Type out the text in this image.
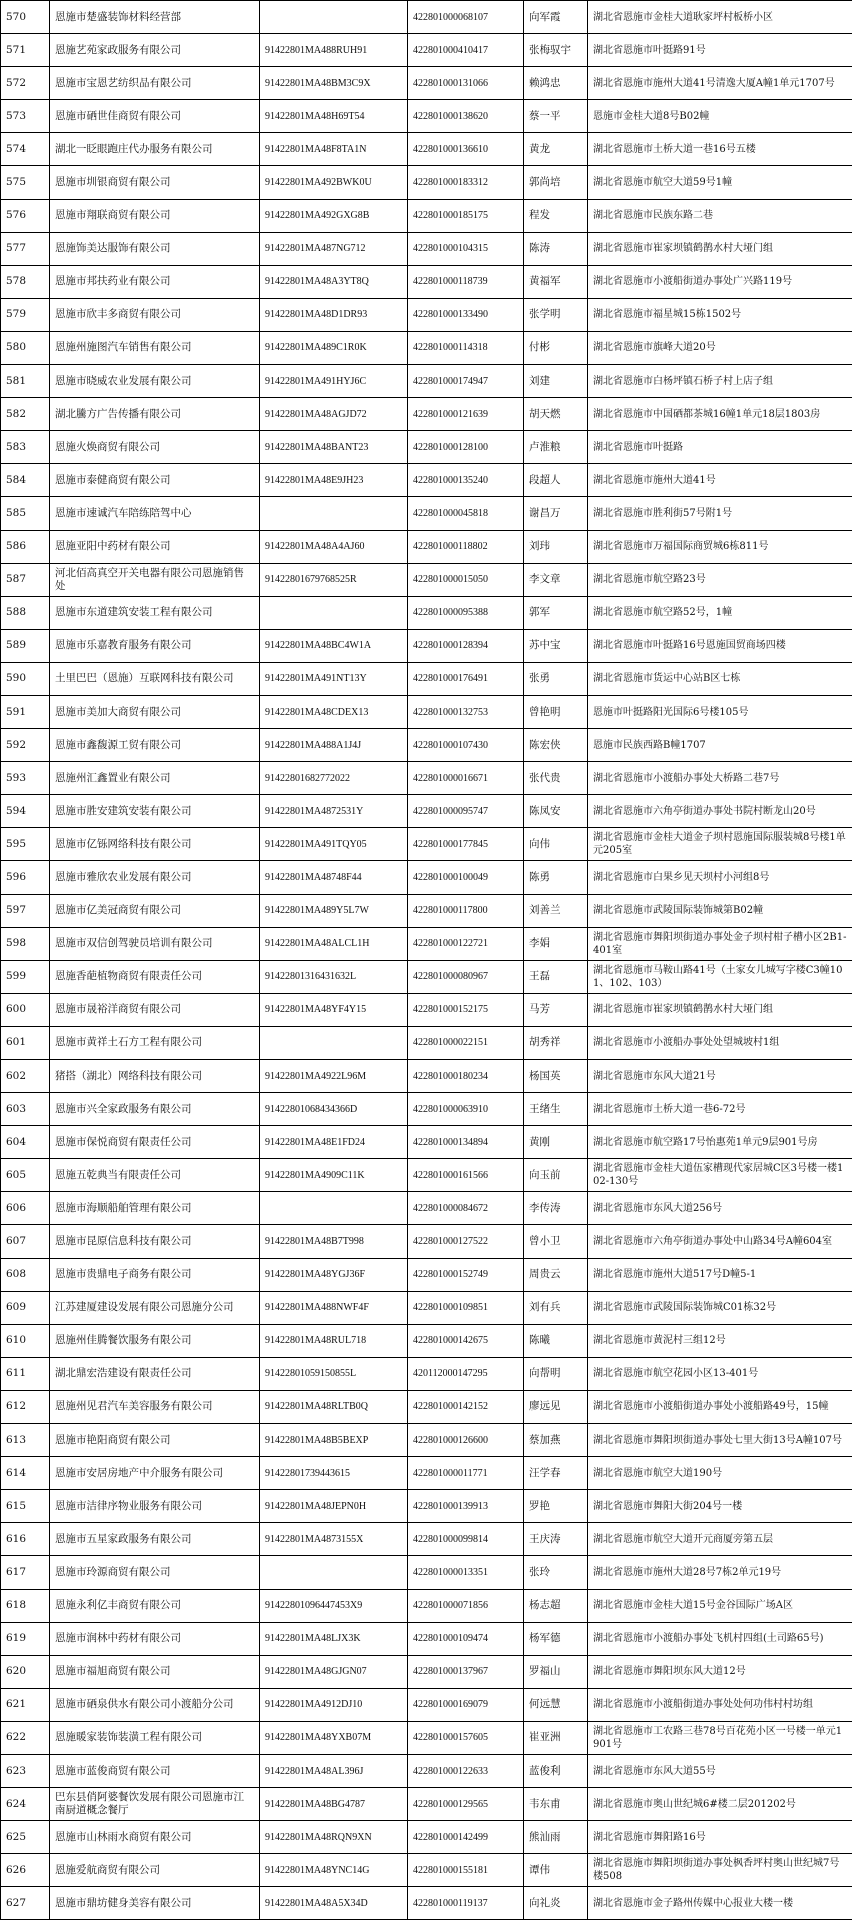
570	恩施市楚盛装饰材料经营部		422801000068107	向军霞	湖北省恩施市金桂大道耿家坪村板桥小区
571	恩施艺苑家政服务有限公司	91422801MA488RUH91	422801000410417	张梅驭宇	湖北省恩施市叶挺路91号
572	恩施市宝恩艺纺织品有限公司	91422801MA48BM3C9X	422801000131066	赖鸿忠	湖北省恩施市施州大道41号清逸大厦A幢1单元1707号
573	恩施市硒世佳商贸有限公司	91422801MA48H69T54	422801000138620	蔡一平	恩施市金桂大道8号B02幢
574	湖北一眨眼跑庄代办服务有限公司	91422801MA48F8TA1N	422801000136610	黄龙	湖北省恩施市土桥大道一巷16号五楼
575	恩施市圳银商贸有限公司	91422801MA492BWK0U	422801000183312	郭尚培	湖北省恩施市航空大道59号1幢
576	恩施市翔联商贸有限公司	91422801MA492GXG8B	422801000185175	程发	湖北省恩施市民族东路二巷
577	恩施饰美达服饰有限公司	91422801MA487NG712	422801000104315	陈涛	湖北省恩施市崔家坝镇鹤鹊水村大垭门组
578	恩施市邦扶药业有限公司	91422801MA48A3YT8Q	422801000118739	黄福军	湖北省恩施市小渡船街道办事处广兴路119号
579	恩施市欣丰多商贸有限公司	91422801MA48D1DR93	422801000133490	张学明	湖北省恩施市福星城15栋1502号
580	恩施州施图汽车销售有限公司	91422801MA489C1R0K	422801000114318	付彬	湖北省恩施市旗峰大道20号
581	恩施市晓威农业发展有限公司	91422801MA491HYJ6C	422801000174947	刘建	湖北省恩施市白杨坪镇石桥子村上店子组
582	湖北騰方广告传播有限公司	91422801MA48AGJD72	422801000121639	胡天燃	湖北省恩施市中国硒都茶城16幢1单元18层1803房
583	恩施火焕商贸有限公司	91422801MA48BANT23	422801000128100	卢淮粮	湖北省恩施市叶挺路
584	恩施市泰健商贸有限公司	91422801MA48E9JH23	422801000135240	段超人	湖北省恩施市施州大道41号
585	恩施市速诚汽车陪练陪驾中心		422801000045818	谢昌万	湖北省恩施市胜利街57号附1号
586	恩施亚阳中药材有限公司	91422801MA48A4AJ60	422801000118802	刘玮	湖北省恩施市万福国际商贸城6栋811号
587	河北佰高真空开关电器有限公司恩施销售处	91422801679768525R	422801000015050	李文章	湖北省恩施市航空路23号
588	恩施市东道建筑安装工程有限公司		422801000095388	郭军	湖北省恩施市航空路52号，1幢
589	恩施市乐嘉教育服务有限公司	91422801MA48BC4W1A	422801000128394	苏中宝	湖北省恩施市叶挺路16号恩施国贸商场四楼
590	土里巴巴（恩施）互联网科技有限公司	91422801MA491NT13Y	422801000176491	张勇	湖北省恩施市货运中心站B区七栋
591	恩施市美加大商贸有限公司	91422801MA48CDEX13	422801000132753	曾艳明	恩施市叶挺路阳光国际6号楼105号
592	恩施市鑫馥源工贸有限公司	91422801MA488A1J4J	422801000107430	陈宏侠	恩施市民族西路B幢1707
593	恩施州汇鑫置业有限公司	91422801682772022	422801000016671	张代贵	湖北省恩施市小渡船办事处大桥路二巷7号
594	恩施市胜安建筑安装有限公司	91422801MA4872531Y	422801000095747	陈凤安	湖北省恩施市六角亭街道办事处书院村断龙山20号
595	恩施市亿铄网络科技有限公司	91422801MA491TQY05	422801000177845	向伟	湖北省恩施市金桂大道金子坝村恩施国际服装城8号楼1单元205室
596	恩施市雅欣农业发展有限公司	91422801MA48748F44	422801000100049	陈勇	湖北省恩施市白果乡见天坝村小河组8号
597	恩施市亿美冠商贸有限公司	91422801MA489Y5L7W	422801000117800	刘善兰	湖北省恩施市武陵国际装饰城第B02幢
598	恩施市双信创驾驶员培训有限公司	91422801MA48ALCL1H	422801000122721	李娟	湖北省恩施市舞阳坝街道办事处金子坝村柑子槽小区2B1-401室
599	恩施香葩植物商贸有限责任公司	91422801316431632L	422801000080967	王磊	湖北省恩施市马鞍山路41号（土家女儿城写字楼C3幢101、102、103）
600	恩施市晟裕洋商贸有限公司	91422801MA48YF4Y15	422801000152175	马芳	湖北省恩施市崔家坝镇鹤鹊水村大垭门组
601	恩施市黄祥土石方工程有限公司		422801000022151	胡秀祥	湖北省恩施市小渡船办事处处望城坡村1组
602	猪搭（湖北）网络科技有限公司	91422801MA4922L96M	422801000180234	杨国英	湖北省恩施市东风大道21号
603	恩施市兴全家政服务有限公司	91422801068434366D	422801000063910	王绪生	湖北省恩施市土桥大道一巷6-72号
604	恩施市保悦商贸有限责任公司	91422801MA48E1FD24	422801000134894	黄刚	湖北省恩施市航空路17号怡惠苑1单元9层901号房
605	恩施五乾典当有限责任公司	91422801MA4909C11K	422801000161566	向玉前	湖北省恩施市金桂大道伍家槽现代家居城C区3号楼一楼102-130号
606	恩施市海顺船舶管理有限公司		422801000084672	李传涛	湖北省恩施市东风大道256号
607	恩施市昆原信息科技有限公司	91422801MA48B7T998	422801000127522	曾小卫	湖北省恩施市六角亭街道办事处中山路34号A幢604室
608	恩施市贵鼎电子商务有限公司	91422801MA48YGJ36F	422801000152749	周贵云	湖北省恩施市施州大道517号D幢5-1
609	江苏建厦建设发展有限公司恩施分公司	91422801MA488NWF4F	422801000109851	刘有兵	湖北省恩施市武陵国际装饰城C01栋32号
610	恩施州佳腾餐饮服务有限公司	91422801MA48RUL718	422801000142675	陈曦	湖北省恩施市黄泥村三组12号
611	湖北鼎宏浩建设有限责任公司	91422801059150855L	420112000147295	向帮明	湖北省恩施市航空花园小区13-401号
612	恩施州见君汽车美容服务有限公司	91422801MA48RLTB0Q	422801000142152	廖远见	湖北省恩施市小渡船街道办事处小渡船路49号，15幢
613	恩施市艳阳商贸有限公司	91422801MA48B5BEXP	422801000126600	蔡加燕	湖北省恩施市舞阳坝街道办事处七里大街13号A幢107号
614	恩施市安居房地产中介服务有限公司	91422801739443615	422801000011771	汪学春	湖北省恩施市航空大道190号
615	恩施市洁律序物业服务有限公司	91422801MA48JEPN0H	422801000139913	罗艳	湖北省恩施市舞阳大街204号一楼
616	恩施市五星家政服务有限公司	91422801MA4873155X	422801000099814	王庆涛	湖北省恩施市航空大道开元商厦旁第五层
617	恩施市玲源商贸有限公司		422801000013351	张玲	湖北省恩施市施州大道28号7栋2单元19号
618	恩施永利亿丰商贸有限公司	91422801096447453X9	422801000071856	杨志超	湖北省恩施市金桂大道15号金谷国际广场A区
619	恩施市润林中药材有限公司	91422801MA48LJX3K	422801000109474	杨军德	湖北省恩施市小渡船办事处飞机村四组(土司路65号)
620	恩施市福旭商贸有限公司	91422801MA48GJGN07	422801000137967	罗福山	湖北省恩施市舞阳坝东风大道12号
621	恩施市硒泉供水有限公司小渡船分公司	91422801MA4912DJ10	422801000169079	何远慧	湖北省恩施市小渡船街道办事处处何功伟村村坊组
622	恩施暖家装饰装潢工程有限公司	91422801MA48YXB07M	422801000157605	崔亚洲	湖北省恩施市工农路三巷78号百花苑小区一号楼一单元1901号
623	恩施市蓝俊商贸有限公司	91422801MA48AL396J	422801000122633	蓝俊利	湖北省恩施市东风大道55号
624	巴东县俏阿婆餐饮发展有限公司恩施市江南厨道概念餐厅	91422801MA48BG4787	422801000129565	韦东甫	湖北省恩施市奥山世纪城6#楼二层201202号
625	恩施市山林雨水商贸有限公司	91422801MA48RQN9XN	422801000142499	熊汕雨	湖北省恩施市舞阳路16号
626	恩施爱航商贸有限公司	91422801MA48YNC14G	422801000155181	谭伟	湖北省恩施市舞阳坝街道办事处枫香坪村奥山世纪城7号楼508
627	恩施市鼎坊健身美容有限公司	91422801MA48A5X34D	422801000119137	向礼炎	湖北省恩施市金子路州传媒中心报业大楼一楼
